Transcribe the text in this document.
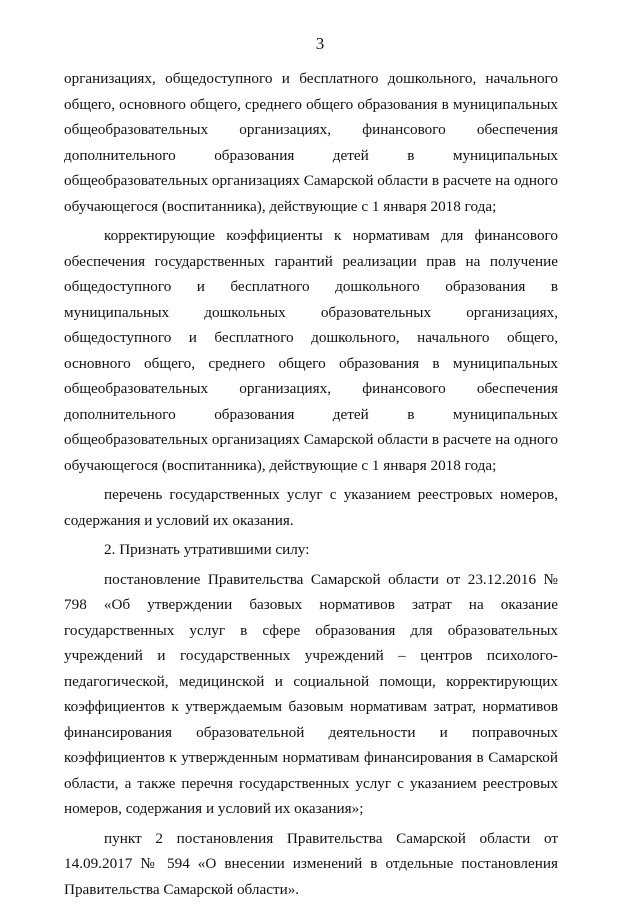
3

организациях, общедоступного и бесплатного дошкольного, начального общего, основного общего, среднего общего образования в муниципальных общеобразовательных организациях, финансового обеспечения дополнительного образования детей в муниципальных общеобразовательных организациях Самарской области в расчете на одного обучающегося (воспитанника), действующие с 1 января 2018 года;

корректирующие коэффициенты к нормативам для финансового обеспечения государственных гарантий реализации прав на получение общедоступного и бесплатного дошкольного образования в муниципальных дошкольных образовательных организациях, общедоступного и бесплатного дошкольного, начального общего, основного общего, среднего общего образования в муниципальных общеобразовательных организациях, финансового обеспечения дополнительного образования детей в муниципальных общеобразовательных организациях Самарской области в расчете на одного обучающегося (воспитанника), действующие с 1 января 2018 года;

перечень государственных услуг с указанием реестровых номеров, содержания и условий их оказания.

2. Признать утратившими силу:

постановление Правительства Самарской области от 23.12.2016 № 798 «Об утверждении базовых нормативов затрат на оказание государственных услуг в сфере образования для образовательных учреждений и государственных учреждений – центров психолого-педагогической, медицинской и социальной помощи, корректирующих коэффициентов к утверждаемым базовым нормативам затрат, нормативов финансирования образовательной деятельности и поправочных коэффициентов к утвержденным нормативам финансирования в Самарской области, а также перечня государственных услуг с указанием реестровых номеров, содержания и условий их оказания»;

пункт 2 постановления Правительства Самарской области от 14.09.2017 № 594 «О внесении изменений в отдельные постановления Правительства Самарской области».
